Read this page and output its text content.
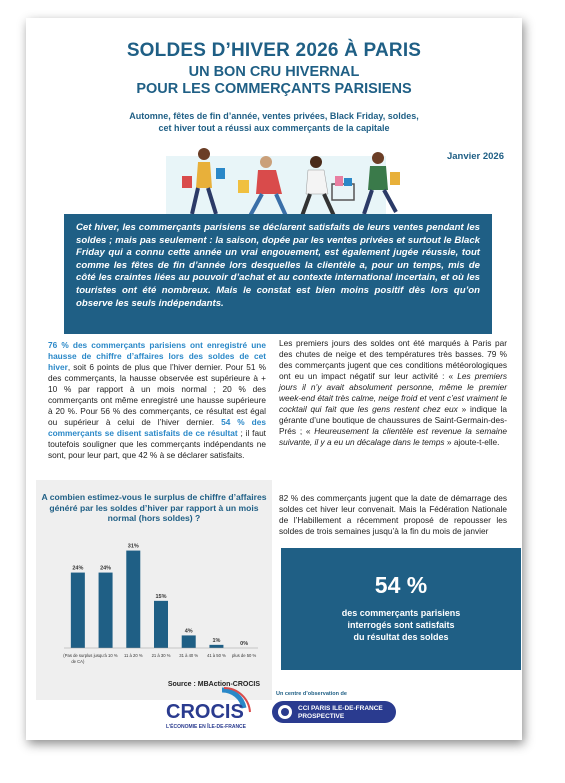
SOLDES D’HIVER 2026 À PARIS
UN BON CRU HIVERNAL
POUR LES COMMERÇANTS PARISIENS
Automne, fêtes de fin d’année, ventes privées, Black Friday, soldes,
cet hiver tout a réussi aux commerçants de la capitale
Janvier 2026
Cet hiver, les commerçants parisiens se déclarent satisfaits de leurs ventes pendant les soldes ; mais pas seulement : la saison, dopée par les ventes privées et surtout le Black Friday qui a connu cette année un vrai engouement, est également jugée réussie, tout comme les fêtes de fin d’année lors desquelles la clientèle a, pour un temps, mis de côté les craintes liées au pouvoir d’achat et au contexte international incertain, et où les touristes ont été nombreux. Mais le constat est bien moins positif dès lors qu’on observe les seuls indépendants.
76 % des commerçants parisiens ont enregistré une hausse de chiffre d’affaires lors des soldes de cet hiver, soit 6 points de plus que l’hiver dernier. Pour 51 % des commerçants, la hausse observée est supérieure à + 10 % par rapport à un mois normal ; 20 % des commerçants ont même enregistré une hausse supérieure à 20 %. Pour 56 % des commerçants, ce résultat est égal ou supérieur à celui de l’hiver dernier. 54 % des commerçants se disent satisfaits de ce résultat ; il faut toutefois souligner que les commerçants indépendants ne sont, pour leur part, que 42 % à se déclarer satisfaits.
Les premiers jours des soldes ont été marqués à Paris par des chutes de neige et des températures très basses. 79 % des commerçants jugent que ces conditions météorologiques ont eu un impact négatif sur leur activité : « Les premiers jours il n’y avait absolument personne, même le premier week-end était très calme, neige froid et vent c’est vraiment le cocktail qui fait que les gens restent chez eux » indique la gérante d’une boutique de chaussures de Saint-Germain-des-Prés ; « Heureusement la clientèle est revenue la semaine suivante, il y a eu un décalage dans le temps » ajoute-t-elle.
82 % des commerçants jugent que la date de démarrage des soldes cet hiver leur convenait. Mais la Fédération Nationale de l’Habillement a récemment proposé de repousser les soldes de trois semaines jusqu’à la fin du mois de janvier
A combien estimez-vous le surplus de chiffre d’affaires généré par les soldes d’hiver par rapport à un mois normal (hors soldes) ?
24%
(Pas de surplus
de CA)
24%
jusqu’à 10 %
31%
11 à 20 %
15%
21 à 30 %
4%
31 à 40 %
1%
41 à 50 %
0%
plus de 50 %
Source : MBAction-CROCIS
54 %
des commerçants parisiens
interrogés sont satisfaits
du résultat des soldes
CROCIS
L’ÉCONOMIE EN ÎLE-DE-FRANCE
Un centre d’observation de
CCI PARIS ILE-DE-FRANCE
PROSPECTIVE
